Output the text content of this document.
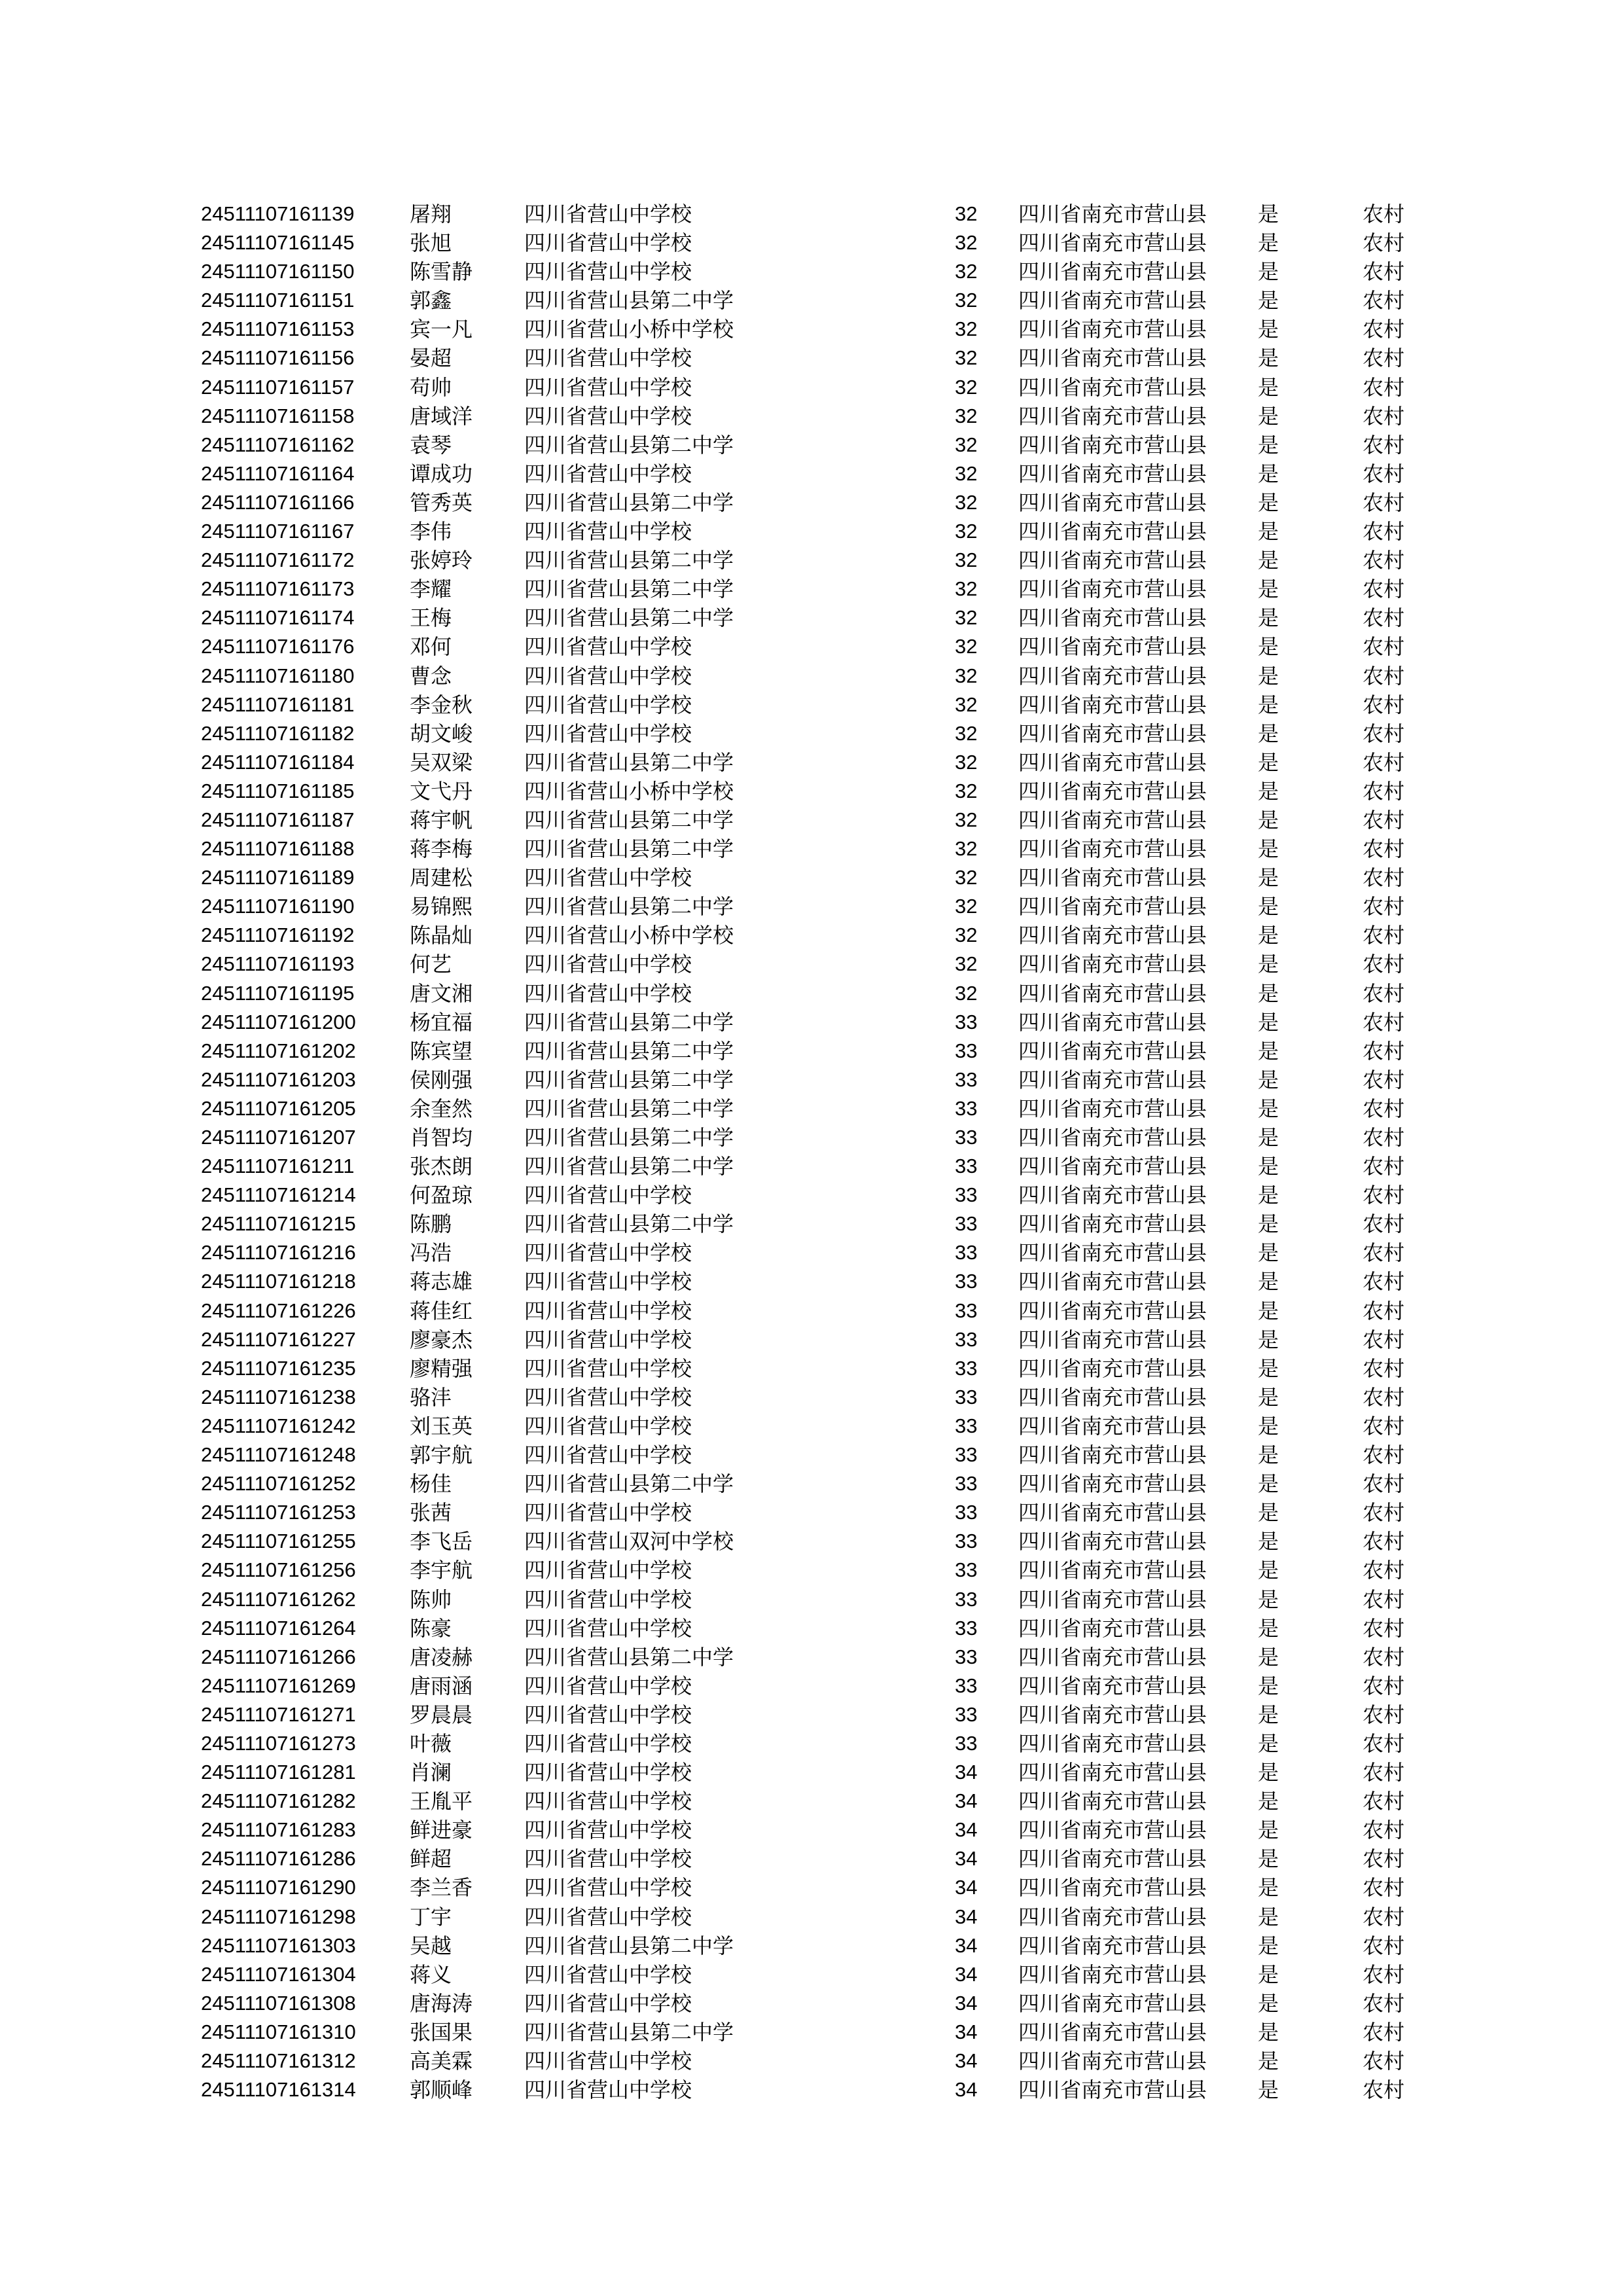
24511107161139	屠翔	四川省营山中学校	32 四川省南充市营山县 是	农村
24511107161145	张旭	四川省营山中学校	32 四川省南充市营山县 是	农村
24511107161150	陈雪静 四川省营山中学校	32 四川省南充市营山县 是	农村
24511107161151	郭鑫	四川省营山县第二中学	32 四川省南充市营山县 是	农村
24511107161153	宾一凡 四川省营山小桥中学校	32 四川省南充市营山县 是	农村
24511107161156	晏超	四川省营山中学校	32 四川省南充市营山县 是	农村
24511107161157	苟帅	四川省营山中学校	32 四川省南充市营山县 是	农村
24511107161158	唐域洋 四川省营山中学校	32 四川省南充市营山县 是	农村
24511107161162	袁琴	四川省营山县第二中学	32 四川省南充市营山县 是	农村
24511107161164	谭成功 四川省营山中学校	32 四川省南充市营山县 是	农村
24511107161166	管秀英 四川省营山县第二中学	32 四川省南充市营山县 是	农村
24511107161167	李伟	四川省营山中学校	32 四川省南充市营山县 是	农村
24511107161172	张婷玲 四川省营山县第二中学	32 四川省南充市营山县 是	农村
24511107161173	李耀	四川省营山县第二中学	32 四川省南充市营山县 是	农村
24511107161174	王梅	四川省营山县第二中学	32 四川省南充市营山县 是	农村
24511107161176	邓何	四川省营山中学校	32 四川省南充市营山县 是	农村
24511107161180	曹念	四川省营山中学校	32 四川省南充市营山县 是	农村
24511107161181	李金秋 四川省营山中学校	32 四川省南充市营山县 是	农村
24511107161182	胡文峻 四川省营山中学校	32 四川省南充市营山县 是	农村
24511107161184	吴双梁 四川省营山县第二中学	32 四川省南充市营山县 是	农村
24511107161185	文弋丹 四川省营山小桥中学校	32 四川省南充市营山县 是	农村
24511107161187	蒋宇帆 四川省营山县第二中学	32 四川省南充市营山县 是	农村
24511107161188	蒋李梅 四川省营山县第二中学	32 四川省南充市营山县 是	农村
24511107161189	周建松 四川省营山中学校	32 四川省南充市营山县 是	农村
24511107161190	易锦熙 四川省营山县第二中学	32 四川省南充市营山县 是	农村
24511107161192	陈晶灿 四川省营山小桥中学校	32 四川省南充市营山县 是	农村
24511107161193	何艺	四川省营山中学校	32 四川省南充市营山县 是	农村
24511107161195	唐文湘 四川省营山中学校	32 四川省南充市营山县 是	农村
24511107161200	杨宜福 四川省营山县第二中学	33 四川省南充市营山县 是	农村
24511107161202	陈宾望 四川省营山县第二中学	33 四川省南充市营山县 是	农村
24511107161203	侯刚强 四川省营山县第二中学	33 四川省南充市营山县 是	农村
24511107161205	余奎然 四川省营山县第二中学	33 四川省南充市营山县 是	农村
24511107161207	肖智均 四川省营山县第二中学	33 四川省南充市营山县 是	农村
24511107161211	张杰朗 四川省营山县第二中学	33 四川省南充市营山县 是	农村
24511107161214	何盈琼 四川省营山中学校	33 四川省南充市营山县 是	农村
24511107161215	陈鹏	四川省营山县第二中学	33 四川省南充市营山县 是	农村
24511107161216	冯浩	四川省营山中学校	33 四川省南充市营山县 是	农村
24511107161218	蒋志雄 四川省营山中学校	33 四川省南充市营山县 是	农村
24511107161226	蒋佳红 四川省营山中学校	33 四川省南充市营山县 是	农村
24511107161227	廖豪杰 四川省营山中学校	33 四川省南充市营山县 是	农村
24511107161235	廖精强 四川省营山中学校	33 四川省南充市营山县 是	农村
24511107161238	骆沣	四川省营山中学校	33 四川省南充市营山县 是	农村
24511107161242	刘玉英 四川省营山中学校	33 四川省南充市营山县 是	农村
24511107161248	郭宇航 四川省营山中学校	33 四川省南充市营山县 是	农村
24511107161252	杨佳	四川省营山县第二中学	33 四川省南充市营山县 是	农村
24511107161253	张茜	四川省营山中学校	33 四川省南充市营山县 是	农村
24511107161255	李飞岳 四川省营山双河中学校	33 四川省南充市营山县 是	农村
24511107161256	李宇航 四川省营山中学校	33 四川省南充市营山县 是	农村
24511107161262	陈帅	四川省营山中学校	33 四川省南充市营山县 是	农村
24511107161264	陈豪	四川省营山中学校	33 四川省南充市营山县 是	农村
24511107161266	唐凌赫 四川省营山县第二中学	33 四川省南充市营山县 是	农村
24511107161269	唐雨涵 四川省营山中学校	33 四川省南充市营山县 是	农村
24511107161271	罗晨晨 四川省营山中学校	33 四川省南充市营山县 是	农村
24511107161273	叶薇	四川省营山中学校	33 四川省南充市营山县 是	农村
24511107161281	肖澜	四川省营山中学校	34 四川省南充市营山县 是	农村
24511107161282	王胤平 四川省营山中学校	34 四川省南充市营山县 是	农村
24511107161283	鲜进豪 四川省营山中学校	34 四川省南充市营山县 是	农村
24511107161286	鲜超	四川省营山中学校	34 四川省南充市营山县 是	农村
24511107161290	李兰香 四川省营山中学校	34 四川省南充市营山县 是	农村
24511107161298	丁宇	四川省营山中学校	34 四川省南充市营山县 是	农村
24511107161303	吴越	四川省营山县第二中学	34 四川省南充市营山县 是	农村
24511107161304	蒋义	四川省营山中学校	34 四川省南充市营山县 是	农村
24511107161308	唐海涛 四川省营山中学校	34 四川省南充市营山县 是	农村
24511107161310	张国果 四川省营山县第二中学	34 四川省南充市营山县 是	农村
24511107161312	高美霖 四川省营山中学校	34 四川省南充市营山县 是	农村
24511107161314	郭顺峰 四川省营山中学校	34 四川省南充市营山县 是	农村
